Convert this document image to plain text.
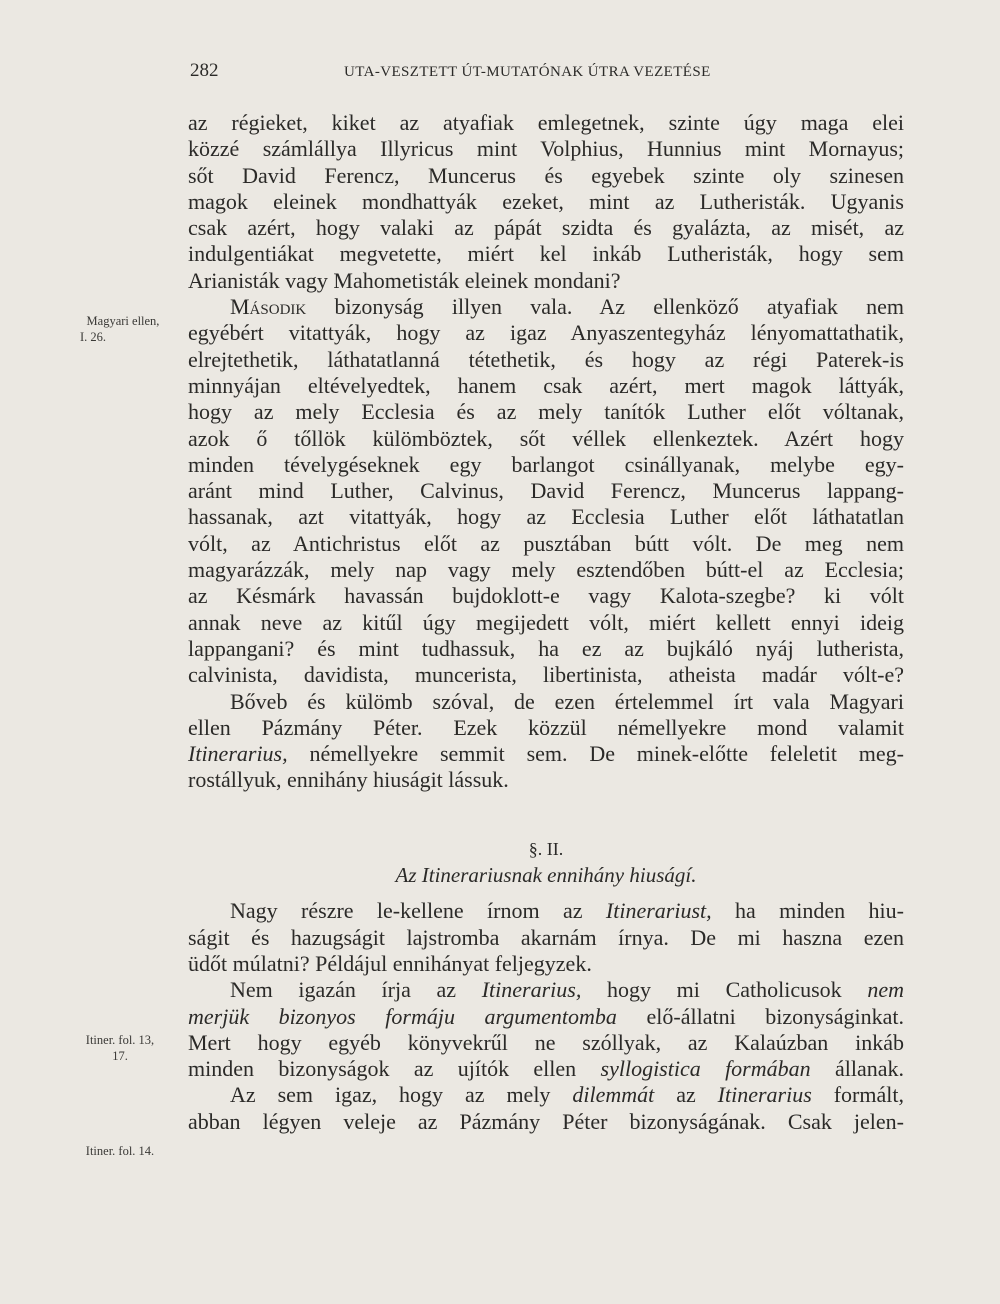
282	UTA-VESZTETT ÚT-MUTATÓNAK ÚTRA VEZETÉSE
Magyari ellen,
I. 26.
Itiner. fol. 13,
17.
Itiner. fol. 14.
az régieket, kiket az atyafiak emlegetnek, szinte úgy maga elei
közzé számlállya Illyricus mint Volphius, Hunnius mint Mornayus;
sőt David Ferencz, Muncerus és egyebek szinte oly szinesen
magok eleinek mondhattyák ezeket, mint az Lutheristák. Ugyanis
csak azért, hogy valaki az pápát szidta és gyalázta, az misét, az
indulgentiákat megvetette, miért kel inkáb Lutheristák, hogy sem
Arianisták vagy Mahometisták eleinek mondani?
Második bizonyság illyen vala. Az ellenköző atyafiak nem
egyébért vitattyák, hogy az igaz Anyaszentegyház lényomattathatik,
elrejtethetik, láthatatlanná tétethetik, és hogy az régi Paterek-is
minnyájan eltévelyedtek, hanem csak azért, mert magok láttyák,
hogy az mely Ecclesia és az mely tanítók Luther előt vóltanak,
azok ő tőllök külömböztek, sőt véllek ellenkeztek. Azért hogy
minden tévelygéseknek egy barlangot csinállyanak, melybe egy-
aránt mind Luther, Calvinus, David Ferencz, Muncerus lappang-
hassanak, azt vitattyák, hogy az Ecclesia Luther előt láthatatlan
vólt, az Antichristus előt az pusztában bútt vólt. De meg nem
magyarázzák, mely nap vagy mely esztendőben bútt-el az Ecclesia;
az Késmárk havassán bujdoklott-e vagy Kalota-szegbe? ki vólt
annak neve az kitűl úgy megijedett vólt, miért kellett ennyi ideig
lappangani? és mint tudhassuk, ha ez az bujkáló nyáj lutherista,
calvinista, davidista, muncerista, libertinista, atheista madár vólt-e?
Bőveb és külömb szóval, de ezen értelemmel írt vala Magyari
ellen Pázmány Péter. Ezek közzül némellyekre mond valamit
Itinerarius, némellyekre semmit sem. De minek-előtte feleletit meg-
rostállyuk, ennihány hiuságit lássuk.
§. II.
Az Itinerariusnak ennihány hiuságí.
Nagy részre le-kellene írnom az Itinerariust, ha minden hiu-
ságit és hazugságit lajstromba akarnám írnya. De mi haszna ezen
üdőt múlatni? Példájul ennihányat feljegyzek.
Nem igazán írja az Itinerarius, hogy mi Catholicusok nem
merjük bizonyos formáju argumentomba elő-állatni bizonyságinkat.
Mert hogy egyéb könyvekrűl ne szóllyak, az Kalaúzban inkáb
minden bizonyságok az ujítók ellen syllogistica formában állanak.
Az sem igaz, hogy az mely dilemmát az Itinerarius formált,
abban légyen veleje az Pázmány Péter bizonyságának. Csak jelen-
